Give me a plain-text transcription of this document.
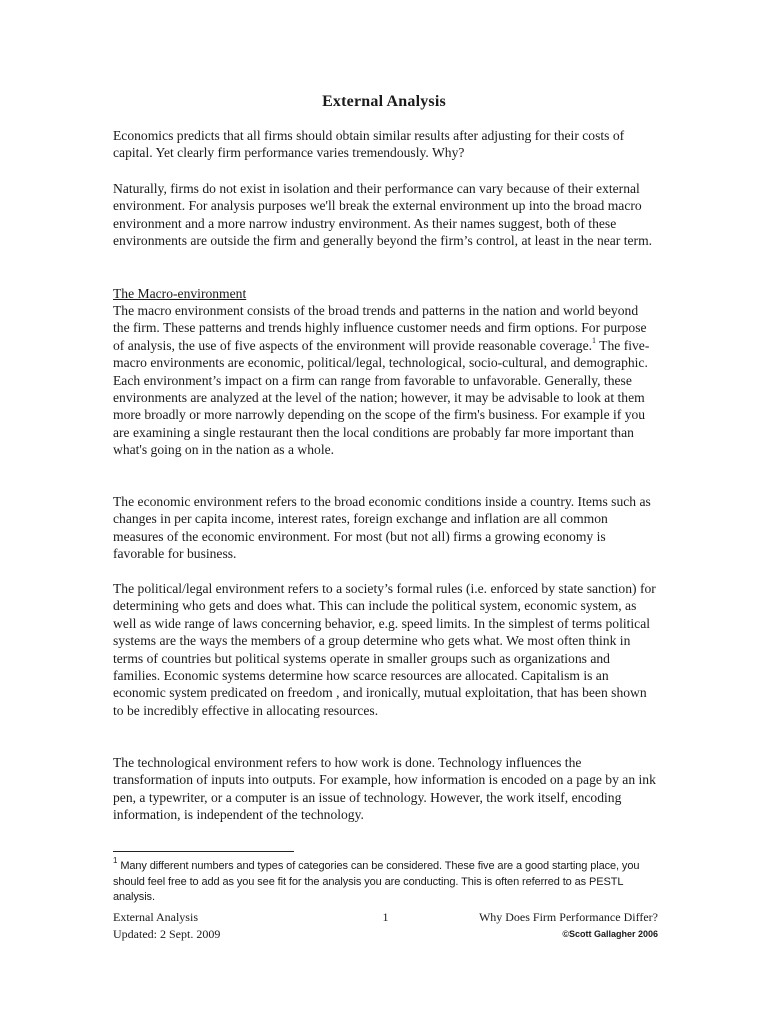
External Analysis

Economics predicts that all firms should obtain similar results after adjusting for their costs of capital. Yet clearly firm performance varies tremendously. Why?

Naturally, firms do not exist in isolation and their performance can vary because of their external environment. For analysis purposes we'll break the external environment up into the broad macro environment and a more narrow industry environment. As their names suggest, both of these environments are outside the firm and generally beyond the firm’s control, at least in the near term.

The Macro-environment

The macro environment consists of the broad trends and patterns in the nation and world beyond the firm. These patterns and trends highly influence customer needs and firm options. For purpose of analysis, the use of five aspects of the environment will provide reasonable coverage.$^1$ The five-macro environments are economic, political/legal, technological, socio-cultural, and demographic. Each environment’s impact on a firm can range from favorable to unfavorable. Generally, these environments are analyzed at the level of the nation; however, it may be advisable to look at them more broadly or more narrowly depending on the scope of the firm's business. For example if you are examining a single restaurant then the local conditions are probably far more important than what's going on in the nation as a whole.

The economic environment refers to the broad economic conditions inside a country. Items such as changes in per capita income, interest rates, foreign exchange and inflation are all common measures of the economic environment. For most (but not all) firms a growing economy is favorable for business.

The political/legal environment refers to a society’s formal rules (i.e. enforced by state sanction) for determining who gets and does what. This can include the political system, economic system, as well as wide range of laws concerning behavior, e.g. speed limits. In the simplest of terms political systems are the ways the members of a group determine who gets what. We most often think in terms of countries but political systems operate in smaller groups such as organizations and families. Economic systems determine how scarce resources are allocated. Capitalism is an economic system predicated on freedom , and ironically, mutual exploitation, that has been shown to be incredibly effective in allocating resources.

The technological environment refers to how work is done. Technology influences the transformation of inputs into outputs. For example, how information is encoded on a page by an ink pen, a typewriter, or a computer is an issue of technology. However, the work itself, encoding information, is independent of the technology.

$^1$ Many different numbers and types of categories can be considered. These five are a good starting place, you should feel free to add as you see fit for the analysis you are conducting. This is often referred to as PESTL analysis.
External Analysis	1	Why Does Firm Performance Differ?
Updated: 2 Sept. 2009	©Scott Gallagher 2006
